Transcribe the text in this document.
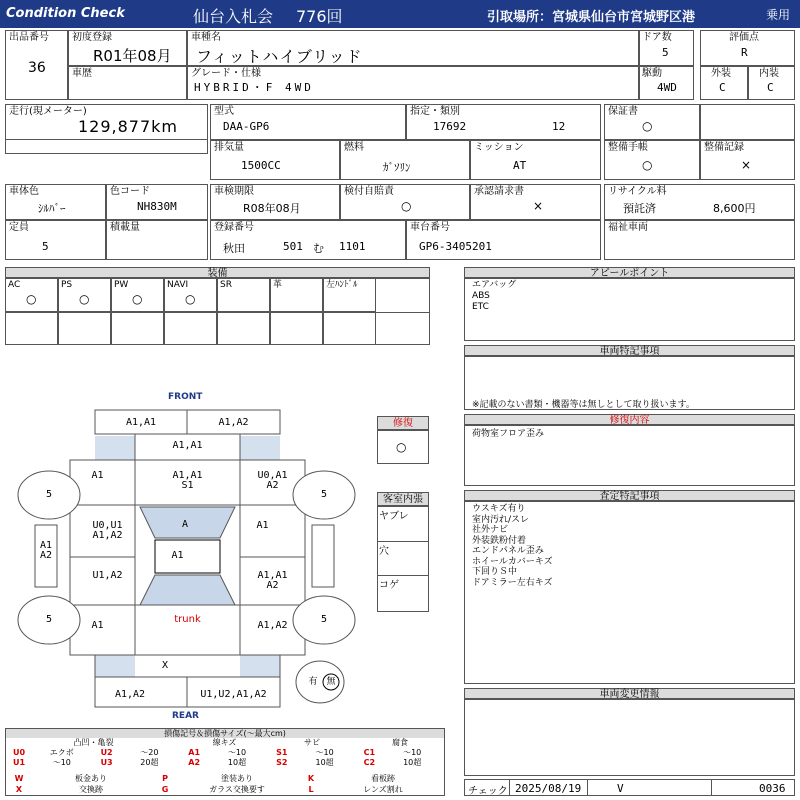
Condition Check	仙台入札会 776回	引取場所：宮城県仙台市宮城野区港	乗用
出品番号
36
初度登録
R01年08月
車歴
車種名
フィットハイブリッド
グレード・仕様
HYBRID・F 4WD
ドア数
5
駆動
4WD
評価点
R
外装
C
内装
C
走行(現メーター)
129,877km
型式
DAA-GP6
指定・類別
17692	12
排気量
1500CC
燃料
ｶﾞｿﾘﾝ
ミッション
AT
保証書
○
整備手帳
○
整備記録
×
車体色
ｼﾙﾊﾞｰ
色コード
NH830M
定員
5
積載量
車検期限
R08年08月
検付自賠責
○
承認請求書
×
登録番号
秋田	501 む 1101
車台番号
GP6-3405201
リサイクル料
預託済	8,600円
福祉車両
装備
AC
○
PS
○
PW
○
NAVI
○
SR	革	左ﾊﾝﾄﾞﾙ
アピールポイント
エアバッグ
ABS
ETC
車両特記事項
※記載のない書類・機器等は無しとして取り扱います。
修復内容
荷物室フロア歪み
査定特記事項
ウスキズ有り
室内汚れ/スレ
社外ナビ
外装鉄粉付着
エンドパネル歪み
ホイールカバーキズ
下回りＳ中
ドアミラー左右キズ
車両変更情報
チェック 2025/08/19	V	0036
修復
○
客室内張
ヤブレ
穴
コゲ
FRONT
REAR
A1,A1	A1,A2
A1,A1
A1	A1,A1
S1
U0,A1
A2
U0,U1
A1,A2
A	A1
A1
A2	A1
U1,A2	A1,A1
A2
A1	A1,A2
trunk
X
A1,A2	U1,U2,A1,A2
5	5
5	5
有 無
損傷記号＆損傷サイズ(～最大cm)
凸凹・亀裂	線キズ	サビ	腐食
U0	エクボ	U2	～20	A1	～10	S1	～10	C1	～10
U1	～10	U3	20超	A2	10超	S2	10超	C2	10超
W	板金あり	P	塗装あり	K	看板跡
X	交換跡	G	ガラス交換要す	L	レンズ割れ
